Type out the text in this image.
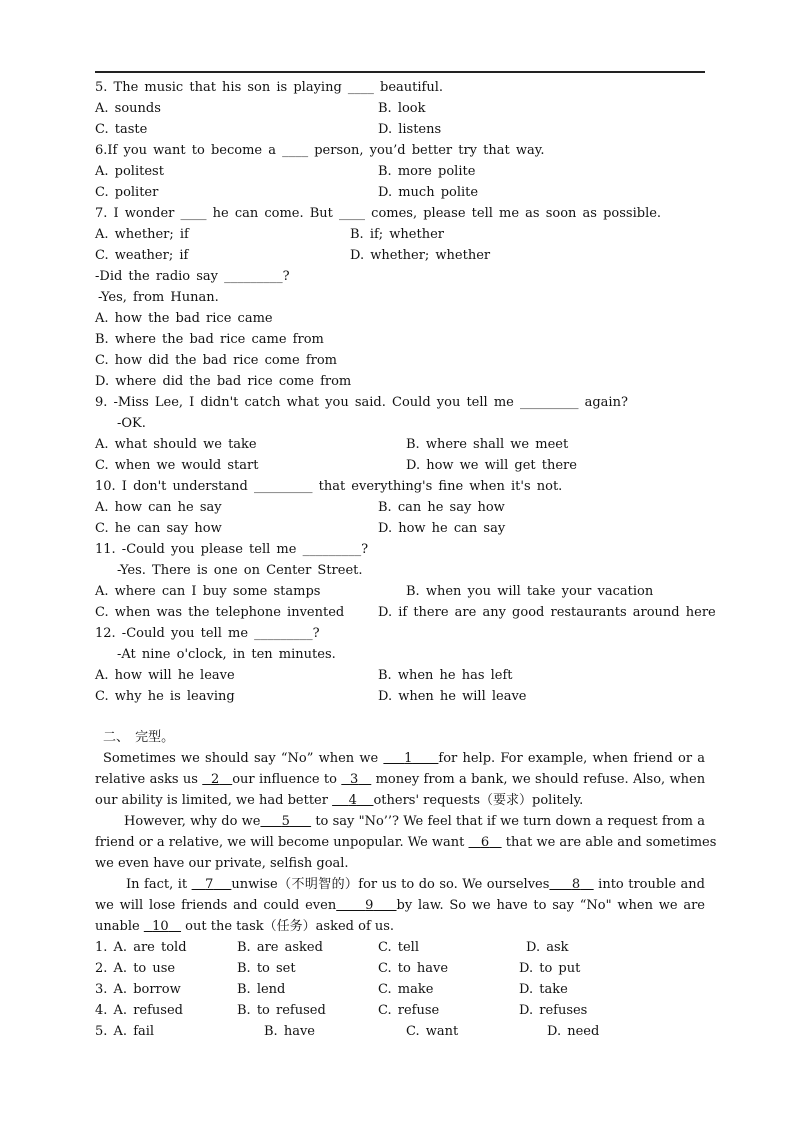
5. The music that his son is playing ____ beautiful.
A. sounds	B. look
C. taste	D. listens
6.If you want to become a ____ person, you’d better try that way.
A. politest	B. more polite
C. politer	D. much polite
7. I wonder ____ he can come. But ____ comes, please tell me as soon as possible.
A. whether; if	B. if; whether
C. weather; if	D. whether; whether
-Did the radio say _________?
-Yes, from Hunan.
A. how the bad rice came
B. where the bad rice came from
C. how did the bad rice come from
D. where did the bad rice come from
9. -Miss Lee, I didn't catch what you said. Could you tell me _________ again?
-OK.
A. what should we take	B. where shall we meet
C. when we would start	D. how we will get there
10. I don't understand _________ that everything's fine when it's not.
A. how can he say	B. can he say how
C. he can say how	D. how he can say
11. -Could you please tell me _________?
-Yes. There is one on Center Street.
A. where can I buy some stamps	B. when you will take your vacation
C. when was the telephone invented	D. if there are any good restaurants around here
12. -Could you tell me _________?
-At nine o'clock, in ten minutes.
A. how will he leave	B. when he has left
C. why he is leaving	D. when he will leave
二、 完型。
Sometimes we should say “No” when we 1 for help. For example, when friend or a
relative asks us 2 our influence to 3 money from a bank, we should refuse. Also, when
our ability is limited, we had better 4 others' requests（要求）politely.
However, why do we 5 to say "No’’? We feel that if we turn down a request from a
friend or a relative, we will become unpopular. We want 6 that we are able and sometimes
we even have our private, selfish goal.
In fact, it 7 unwise（不明智的）for us to do so. We ourselves 8 into trouble and
we will lose friends and could even 9 by law. So we have to say “No" when we are
unable 10 out the task（任务）asked of us.
1. A. are told	B. are asked	C. tell	D. ask
2. A. to use	B. to set	C. to have	D. to put
3. A. borrow	B. lend	C. make	D. take
4. A. refused	B. to refused	C. refuse	D. refuses
5. A. fail	B. have	C. want	D. need
